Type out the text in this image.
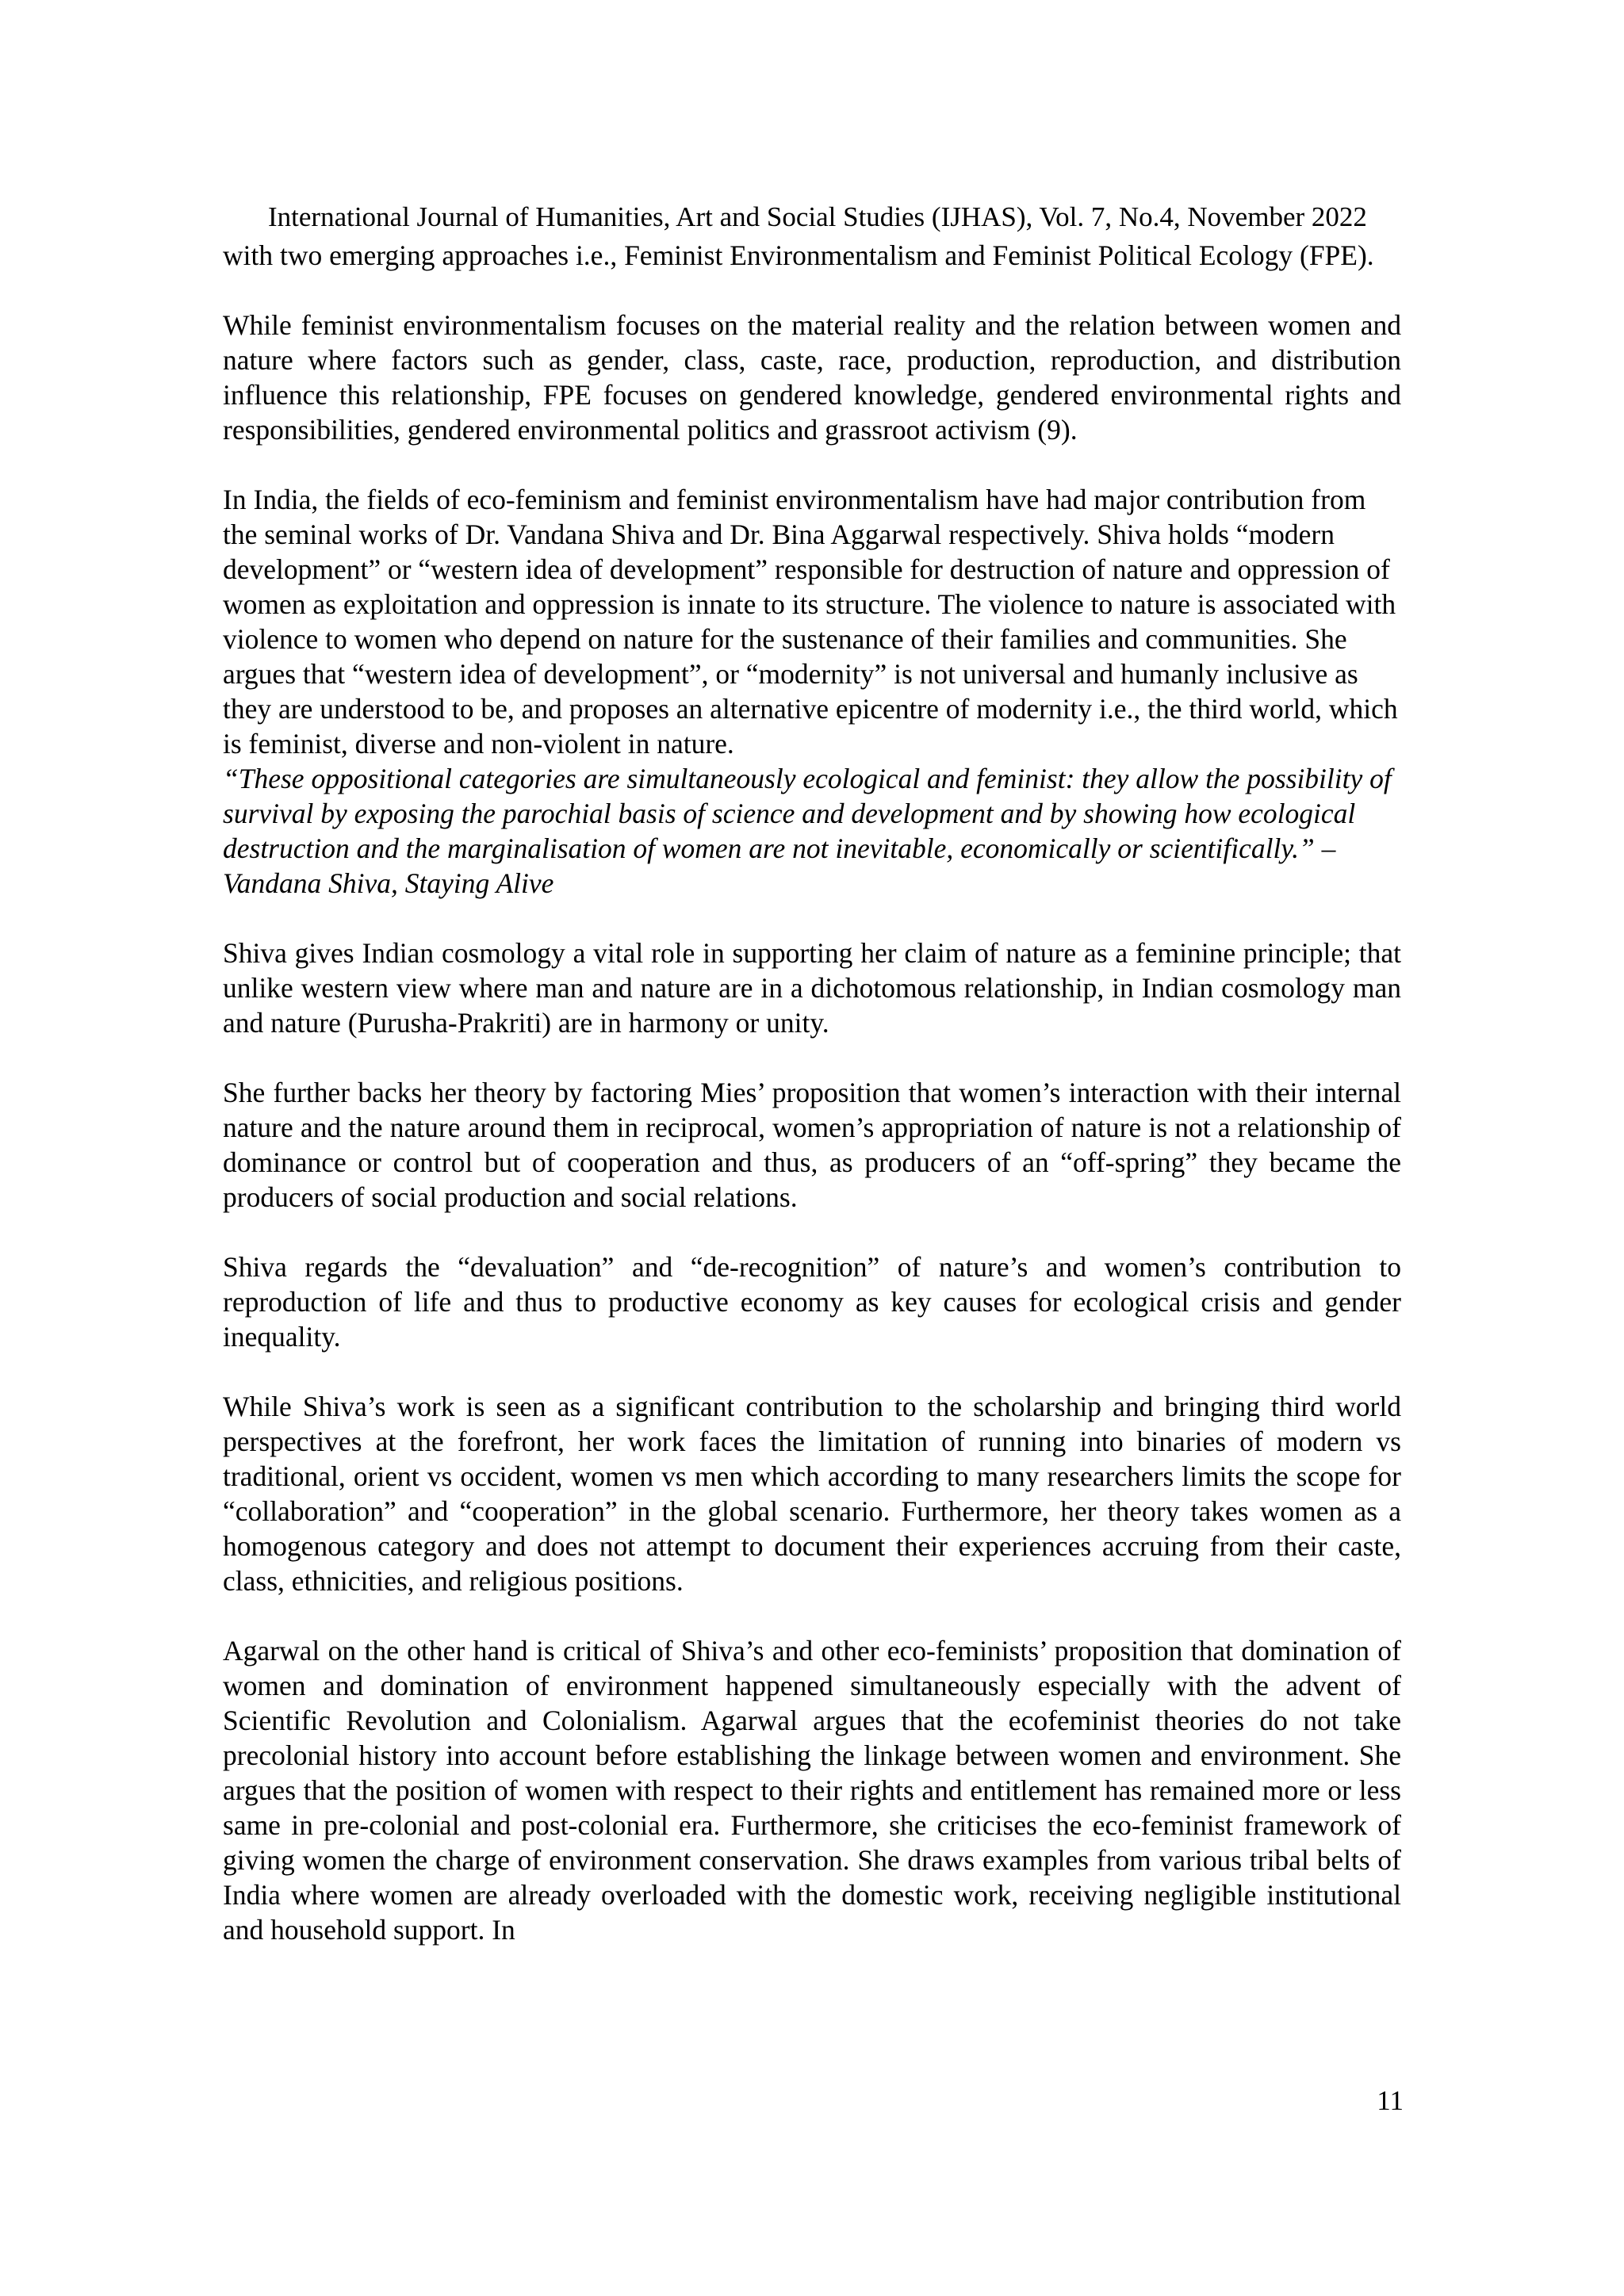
International Journal of Humanities, Art and Social Studies (IJHAS), Vol. 7, No.4, November 2022

with two emerging approaches i.e., Feminist Environmentalism and Feminist Political Ecology (FPE).

While feminist environmentalism focuses on the material reality and the relation between women and nature where factors such as gender, class, caste, race, production, reproduction, and distribution influence this relationship, FPE focuses on gendered knowledge, gendered environmental rights and responsibilities, gendered environmental politics and grassroot activism (9).

In India, the fields of eco-feminism and feminist environmentalism have had major contribution from the seminal works of Dr. Vandana Shiva and Dr. Bina Aggarwal respectively. Shiva holds “modern development” or “western idea of development” responsible for destruction of nature and oppression of women as exploitation and oppression is innate to its structure. The violence to nature is associated with violence to women who depend on nature for the sustenance of their families and communities. She argues that “western idea of development”, or “modernity” is not universal and humanly inclusive as they are understood to be, and proposes an alternative epicentre of modernity i.e., the third world, which is feminist, diverse and non-violent in nature.

“These oppositional categories are simultaneously ecological and feminist: they allow the possibility of survival by exposing the parochial basis of science and development and by showing how ecological destruction and the marginalisation of women are not inevitable, economically or scientifically.” – Vandana Shiva, Staying Alive

Shiva gives Indian cosmology a vital role in supporting her claim of nature as a feminine principle; that unlike western view where man and nature are in a dichotomous relationship, in Indian cosmology man and nature (Purusha-Prakriti) are in harmony or unity.

She further backs her theory by factoring Mies’ proposition that women’s interaction with their internal nature and the nature around them in reciprocal, women’s appropriation of nature is not a relationship of dominance or control but of cooperation and thus, as producers of an “off-spring” they became the producers of social production and social relations.

Shiva regards the “devaluation” and “de-recognition” of nature’s and women’s contribution to reproduction of life and thus to productive economy as key causes for ecological crisis and gender inequality.

While Shiva’s work is seen as a significant contribution to the scholarship and bringing third world perspectives at the forefront, her work faces the limitation of running into binaries of modern vs traditional, orient vs occident, women vs men which according to many researchers limits the scope for “collaboration” and “cooperation” in the global scenario. Furthermore, her theory takes women as a homogenous category and does not attempt to document their experiences accruing from their caste, class, ethnicities, and religious positions.

Agarwal on the other hand is critical of Shiva’s and other eco-feminists’ proposition that domination of women and domination of environment happened simultaneously especially with the advent of Scientific Revolution and Colonialism. Agarwal argues that the ecofeminist theories do not take precolonial history into account before establishing the linkage between women and environment. She argues that the position of women with respect to their rights and entitlement has remained more or less same in pre-colonial and post-colonial era. Furthermore, she criticises the eco-feminist framework of giving women the charge of environment conservation. She draws examples from various tribal belts of India where women are already overloaded with the domestic work, receiving negligible institutional and household support. In

11
